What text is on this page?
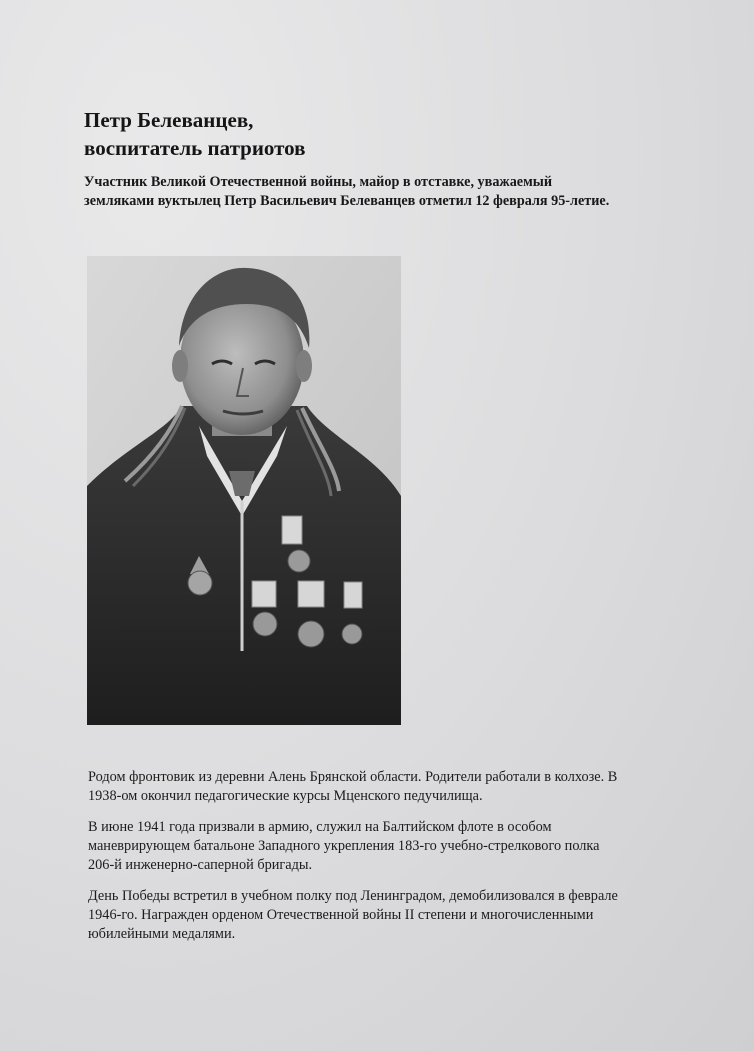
Петр Белеванцев,
воспитатель патриотов

Участник Великой Отечественной войны, майор в отставке, уважаемый
земляками вуктылец Петр Васильевич Белеванцев отметил 12 февраля 95-летие.

Родом фронтовик из деревни Алень Брянской области. Родители работали в колхозе. В
1938-ом окончил педагогические курсы Мценского педучилища.

В июне 1941 года призвали в армию, служил на Балтийском флоте в особом
маневрирующем батальоне Западного укрепления 183-го учебно-стрелкового полка
206-й инженерно-саперной бригады.

День Победы встретил в учебном полку под Ленинградом, демобилизовался в феврале
1946-го. Награжден орденом Отечественной войны II степени и многочисленными
юбилейными медалями.
